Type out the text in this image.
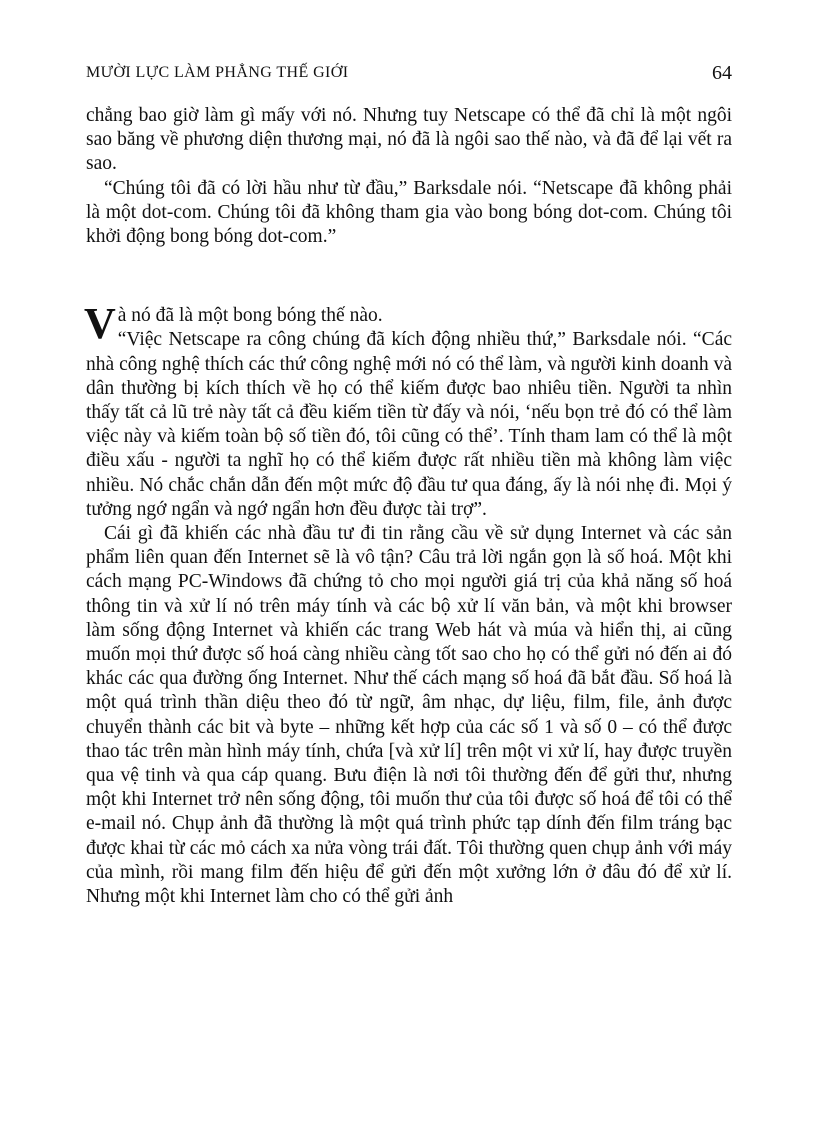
MƯỜI LỰC LÀM PHẲNG THẾ GIỚI	64

chẳng bao giờ làm gì mấy với nó. Nhưng tuy Netscape có thể đã chỉ là một ngôi sao băng về phương diện thương mại, nó đã là ngôi sao thế nào, và đã để lại vết ra sao.

“Chúng tôi đã có lời hầu như từ đầu,” Barksdale nói. “Netscape đã không phải là một dot-com. Chúng tôi đã không tham gia vào bong bóng dot-com. Chúng tôi khởi động bong bóng dot-com.”

V à nó đã là một bong bóng thế nào.

“Việc Netscape ra công chúng đã kích động nhiều thứ,” Barksdale nói. “Các nhà công nghệ thích các thứ công nghệ mới nó có thể làm, và người kinh doanh và dân thường bị kích thích về họ có thể kiếm được bao nhiêu tiền. Người ta nhìn thấy tất cả lũ trẻ này tất cả đều kiếm tiền từ đấy và nói, ‘nếu bọn trẻ đó có thể làm việc này và kiếm toàn bộ số tiền đó, tôi cũng có thể’. Tính tham lam có thể là một điều xấu - người ta nghĩ họ có thể kiếm được rất nhiều tiền mà không làm việc nhiều. Nó chắc chắn dẫn đến một mức độ đầu tư qua đáng, ấy là nói nhẹ đi. Mọi ý tưởng ngớ ngẩn và ngớ ngẩn hơn đều được tài trợ”.

Cái gì đã khiến các nhà đầu tư đi tin rằng cầu về sử dụng Internet và các sản phẩm liên quan đến Internet sẽ là vô tận? Câu trả lời ngắn gọn là số hoá. Một khi cách mạng PC-Windows đã chứng tỏ cho mọi người giá trị của khả năng số hoá thông tin và xử lí nó trên máy tính và các bộ xử lí văn bản, và một khi browser làm sống động Internet và khiến các trang Web hát và múa và hiển thị, ai cũng muốn mọi thứ được số hoá càng nhiều càng tốt sao cho họ có thể gửi nó đến ai đó khác các qua đường ống Internet. Như thế cách mạng số hoá đã bắt đầu. Số hoá là một quá trình thần diệu theo đó từ ngữ, âm nhạc, dự liệu, film, file, ảnh được chuyển thành các bit và byte – những kết hợp của các số 1 và số 0 – có thể được thao tác trên màn hình máy tính, chứa [và xử lí] trên một vi xử lí, hay được truyền qua vệ tinh và qua cáp quang. Bưu điện là nơi tôi thường đến để gửi thư, nhưng một khi Internet trở nên sống động, tôi muốn thư của tôi được số hoá để tôi có thể e-mail nó. Chụp ảnh đã thường là một quá trình phức tạp dính đến film tráng bạc được khai từ các mỏ cách xa nửa vòng trái đất. Tôi thường quen chụp ảnh với máy của mình, rồi mang film đến hiệu để gửi đến một xưởng lớn ở đâu đó để xử lí. Nhưng một khi Internet làm cho có thể gửi ảnh
